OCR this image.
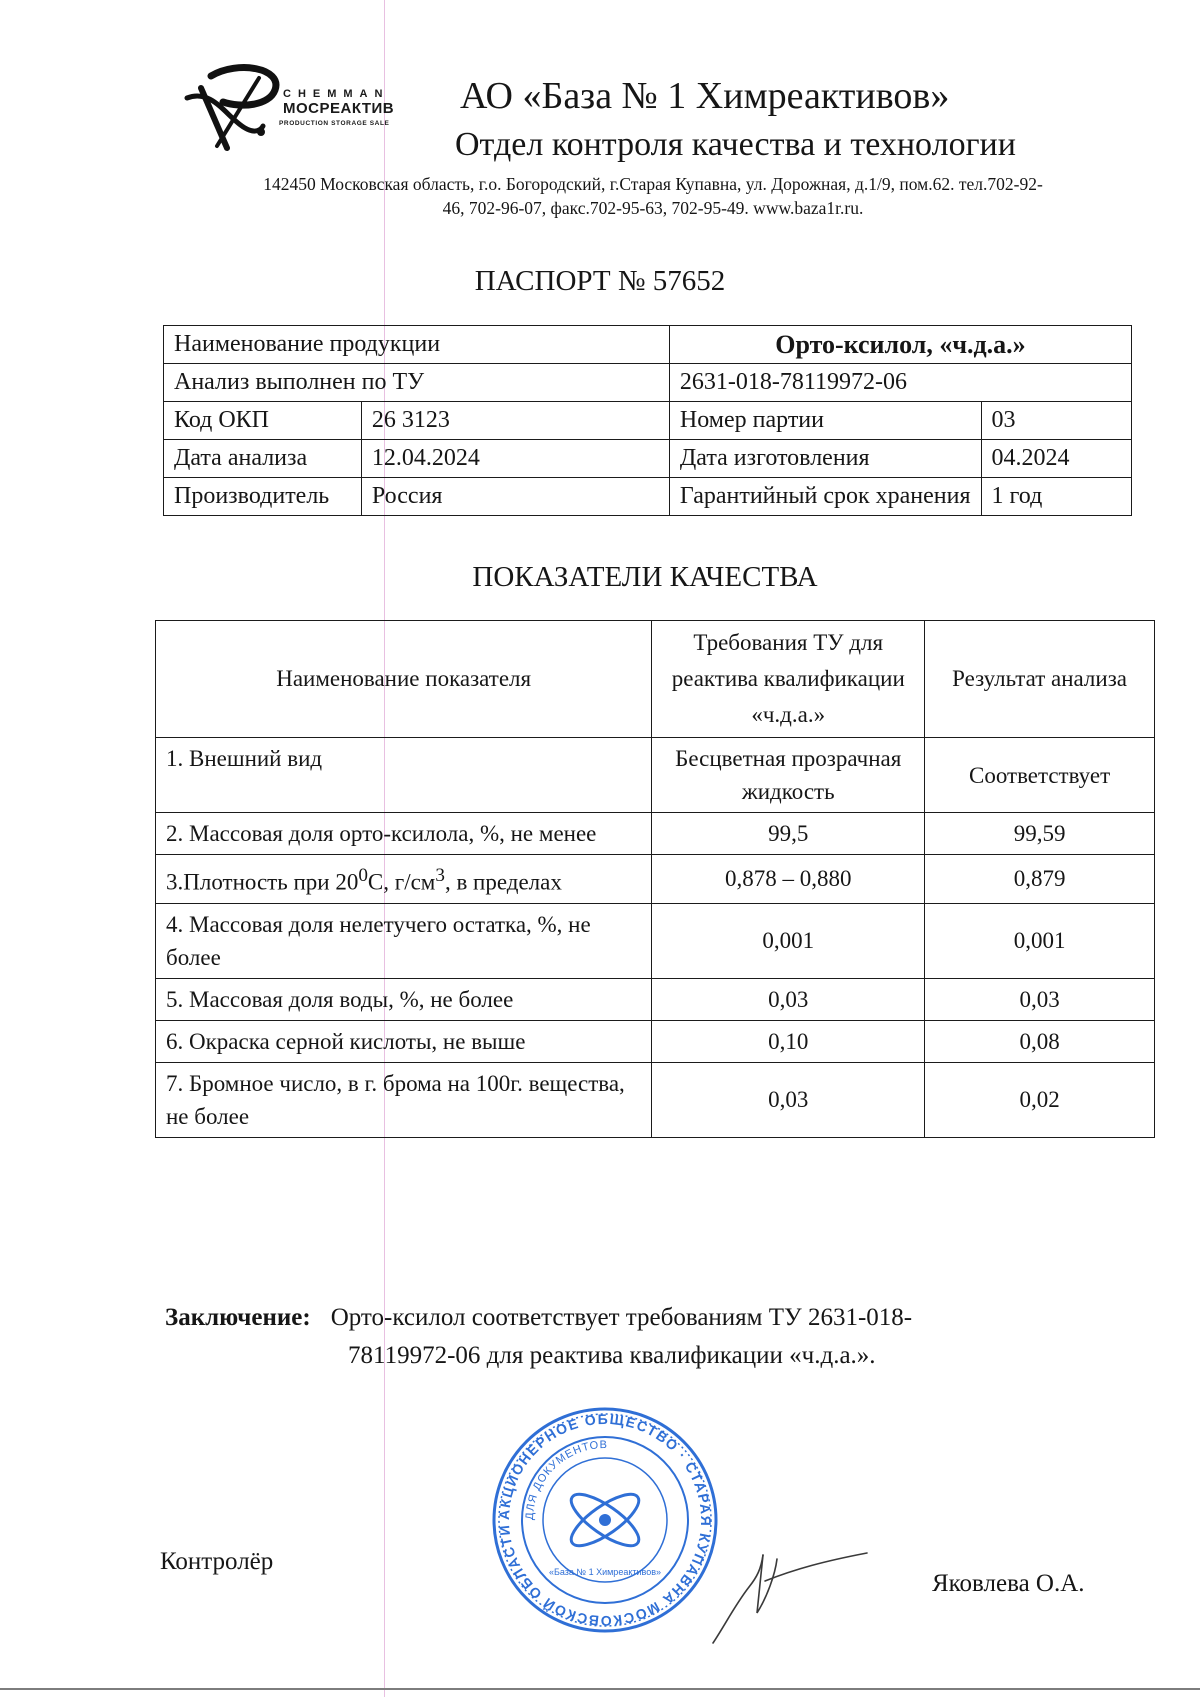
CHEMMAN
МОСРЕАКТИВ
PRODUCTION STORAGE SALE
АО «База № 1 Химреактивов»
Отдел контроля качества и технологии
142450 Московская область, г.о. Богородский, г.Старая Купавна, ул. Дорожная, д.1/9, пом.62. тел.702-92-
46, 702-96-07, факс.702-95-63, 702-95-49. www.baza1r.ru.
ПАСПОРТ № 57652
Наименование продукции		Орто-ксилол, «ч.д.а.»	
Анализ выполнен по ТУ		2631-018-78119972-06	
Код ОКП	26 3123	Номер партии	03
Дата анализа	12.04.2024	Дата изготовления	04.2024
Производитель	Россия	Гарантийный срок хранения	1 год
ПОКАЗАТЕЛИ КАЧЕСТВА
Наименование показателя	Требования ТУ для реактива квалификации «ч.д.а.»	Результат анализа
1. Внешний вид	Бесцветная прозрачная жидкость	Соответствует
2. Массовая доля орто-ксилола, %, не менее	99,5	99,59
3.Плотность при $20^0C$, $г/см^3$, в пределах	0,878 – 0,880	0,879
4. Массовая доля нелетучего остатка, %, не более	0,001	0,001
5. Массовая доля воды, %, не более	0,03	0,03
6. Окраска серной кислоты, не выше	0,10	0,08
7. Бромное число, в г. брома на 100г. вещества, не более	0,03	0,02
Заключение: Орто-ксилол соответствует требованиям ТУ 2631-018-
78119972-06 для реактива квалификации «ч.д.а.».
АКЦИОНЕРНОЕ ОБЩЕСТВО · СТАРАЯ КУПАВНА МОСКОВСКОЙ ОБЛАСТИ
ДЛЯ ДОКУМЕНТОВ
«База № 1 Химреактивов»
Контролёр
Яковлева О.А.
